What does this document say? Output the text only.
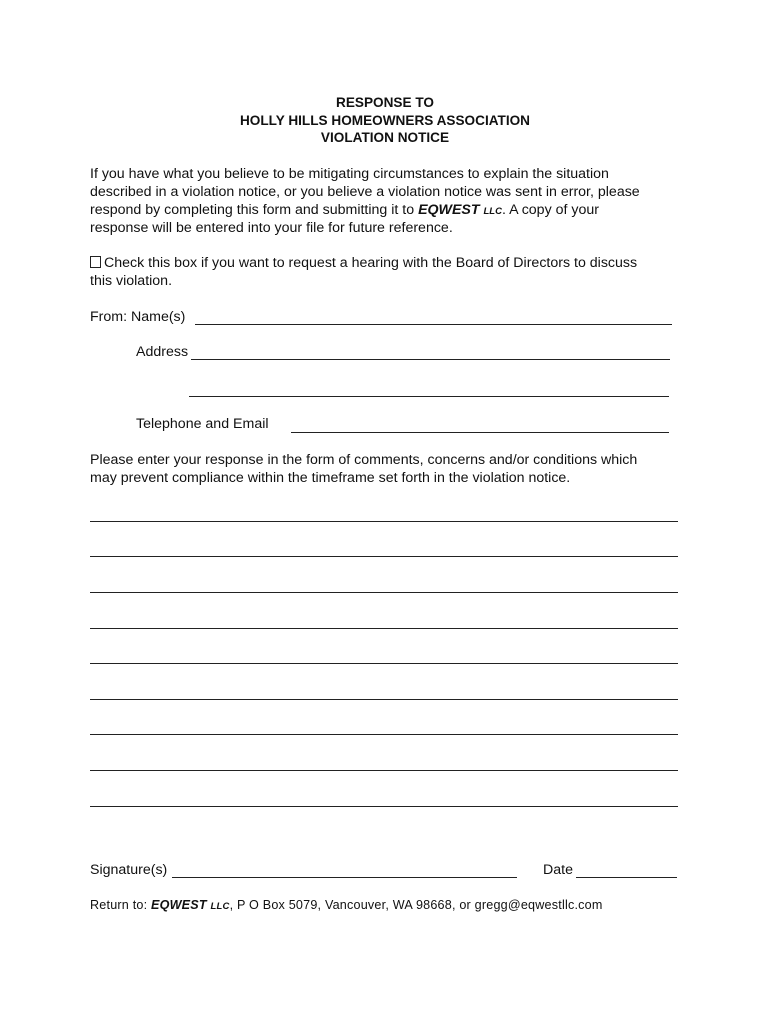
RESPONSE TO
HOLLY HILLS HOMEOWNERS ASSOCIATION
VIOLATION NOTICE
If you have what you believe to be mitigating circumstances to explain the situation
described in a violation notice, or you believe a violation notice was sent in error, please
respond by completing this form and submitting it to EQWEST LLC. A copy of your
response will be entered into your file for future reference.
Check this box if you want to request a hearing with the Board of Directors to discuss
this violation.
From: Name(s)
Address
Telephone and Email
Please enter your response in the form of comments, concerns and/or conditions which
may prevent compliance within the timeframe set forth in the violation notice.
Signature(s)	Date
Return to: EQWEST LLC, P O Box 5079, Vancouver, WA 98668, or gregg@eqwestllc.com
